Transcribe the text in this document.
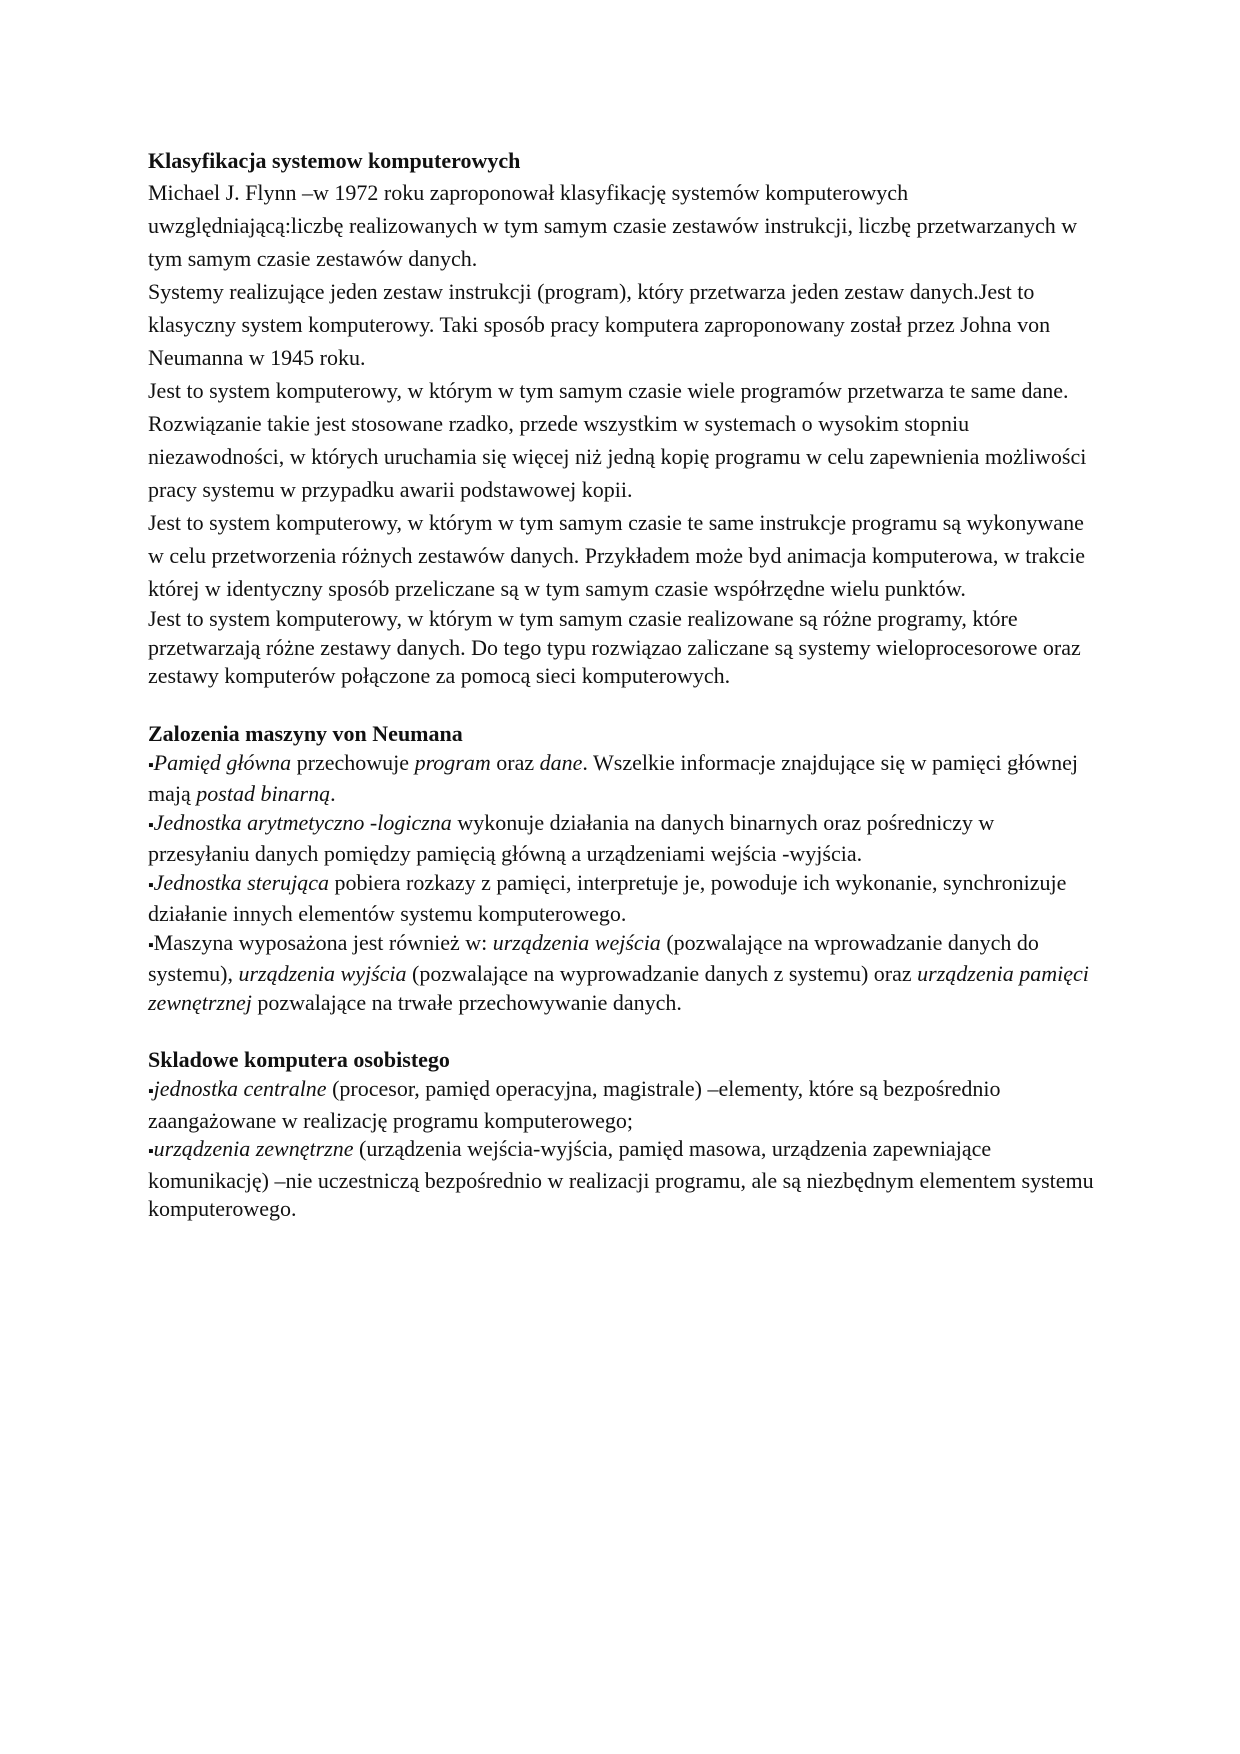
Klasyfikacja systemow komputerowych

Michael J. Flynn –w 1972 roku zaproponował klasyfikację systemów komputerowych uwzględniającą:liczbę realizowanych w tym samym czasie zestawów instrukcji, liczbę przetwarzanych w tym samym czasie zestawów danych.

Systemy realizujące jeden zestaw instrukcji (program), który przetwarza jeden zestaw danych.Jest to klasyczny system komputerowy. Taki sposób pracy komputera zaproponowany został przez Johna von Neumanna w 1945 roku.

Jest to system komputerowy, w którym w tym samym czasie wiele programów przetwarza te same dane.

Rozwiązanie takie jest stosowane rzadko, przede wszystkim w systemach o wysokim stopniu niezawodności, w których uruchamia się więcej niż jedną kopię programu w celu zapewnienia możliwości pracy systemu w przypadku awarii podstawowej kopii.

Jest to system komputerowy, w którym w tym samym czasie te same instrukcje programu są wykonywane w celu przetworzenia różnych zestawów danych. Przykładem może byd animacja komputerowa, w trakcie której w identyczny sposób przeliczane są w tym samym czasie współrzędne wielu punktów.

Jest to system komputerowy, w którym w tym samym czasie realizowane są różne programy, które przetwarzają różne zestawy danych. Do tego typu rozwiązao zaliczane są systemy wieloprocesorowe oraz zestawy komputerów połączone za pomocą sieci komputerowych.

Zalozenia maszyny von Neumana

▪Pamięd główna przechowuje program oraz dane. Wszelkie informacje znajdujące się w pamięci głównej mają postad binarną.

▪Jednostka arytmetyczno -logiczna wykonuje działania na danych binarnych oraz pośredniczy w przesyłaniu danych pomiędzy pamięcią główną a urządzeniami wejścia -wyjścia.

▪Jednostka sterująca pobiera rozkazy z pamięci, interpretuje je, powoduje ich wykonanie, synchronizuje działanie innych elementów systemu komputerowego.

▪Maszyna wyposażona jest również w: urządzenia wejścia (pozwalające na wprowadzanie danych do systemu), urządzenia wyjścia (pozwalające na wyprowadzanie danych z systemu) oraz urządzenia pamięci zewnętrznej pozwalające na trwałe przechowywanie danych.

Skladowe komputera osobistego

▪jednostka centralne (procesor, pamięd operacyjna, magistrale) –elementy, które są bezpośrednio zaangażowane w realizację programu komputerowego;

▪urządzenia zewnętrzne (urządzenia wejścia-wyjścia, pamięd masowa, urządzenia zapewniające komunikację) –nie uczestniczą bezpośrednio w realizacji programu, ale są niezbędnym elementem systemu komputerowego.
